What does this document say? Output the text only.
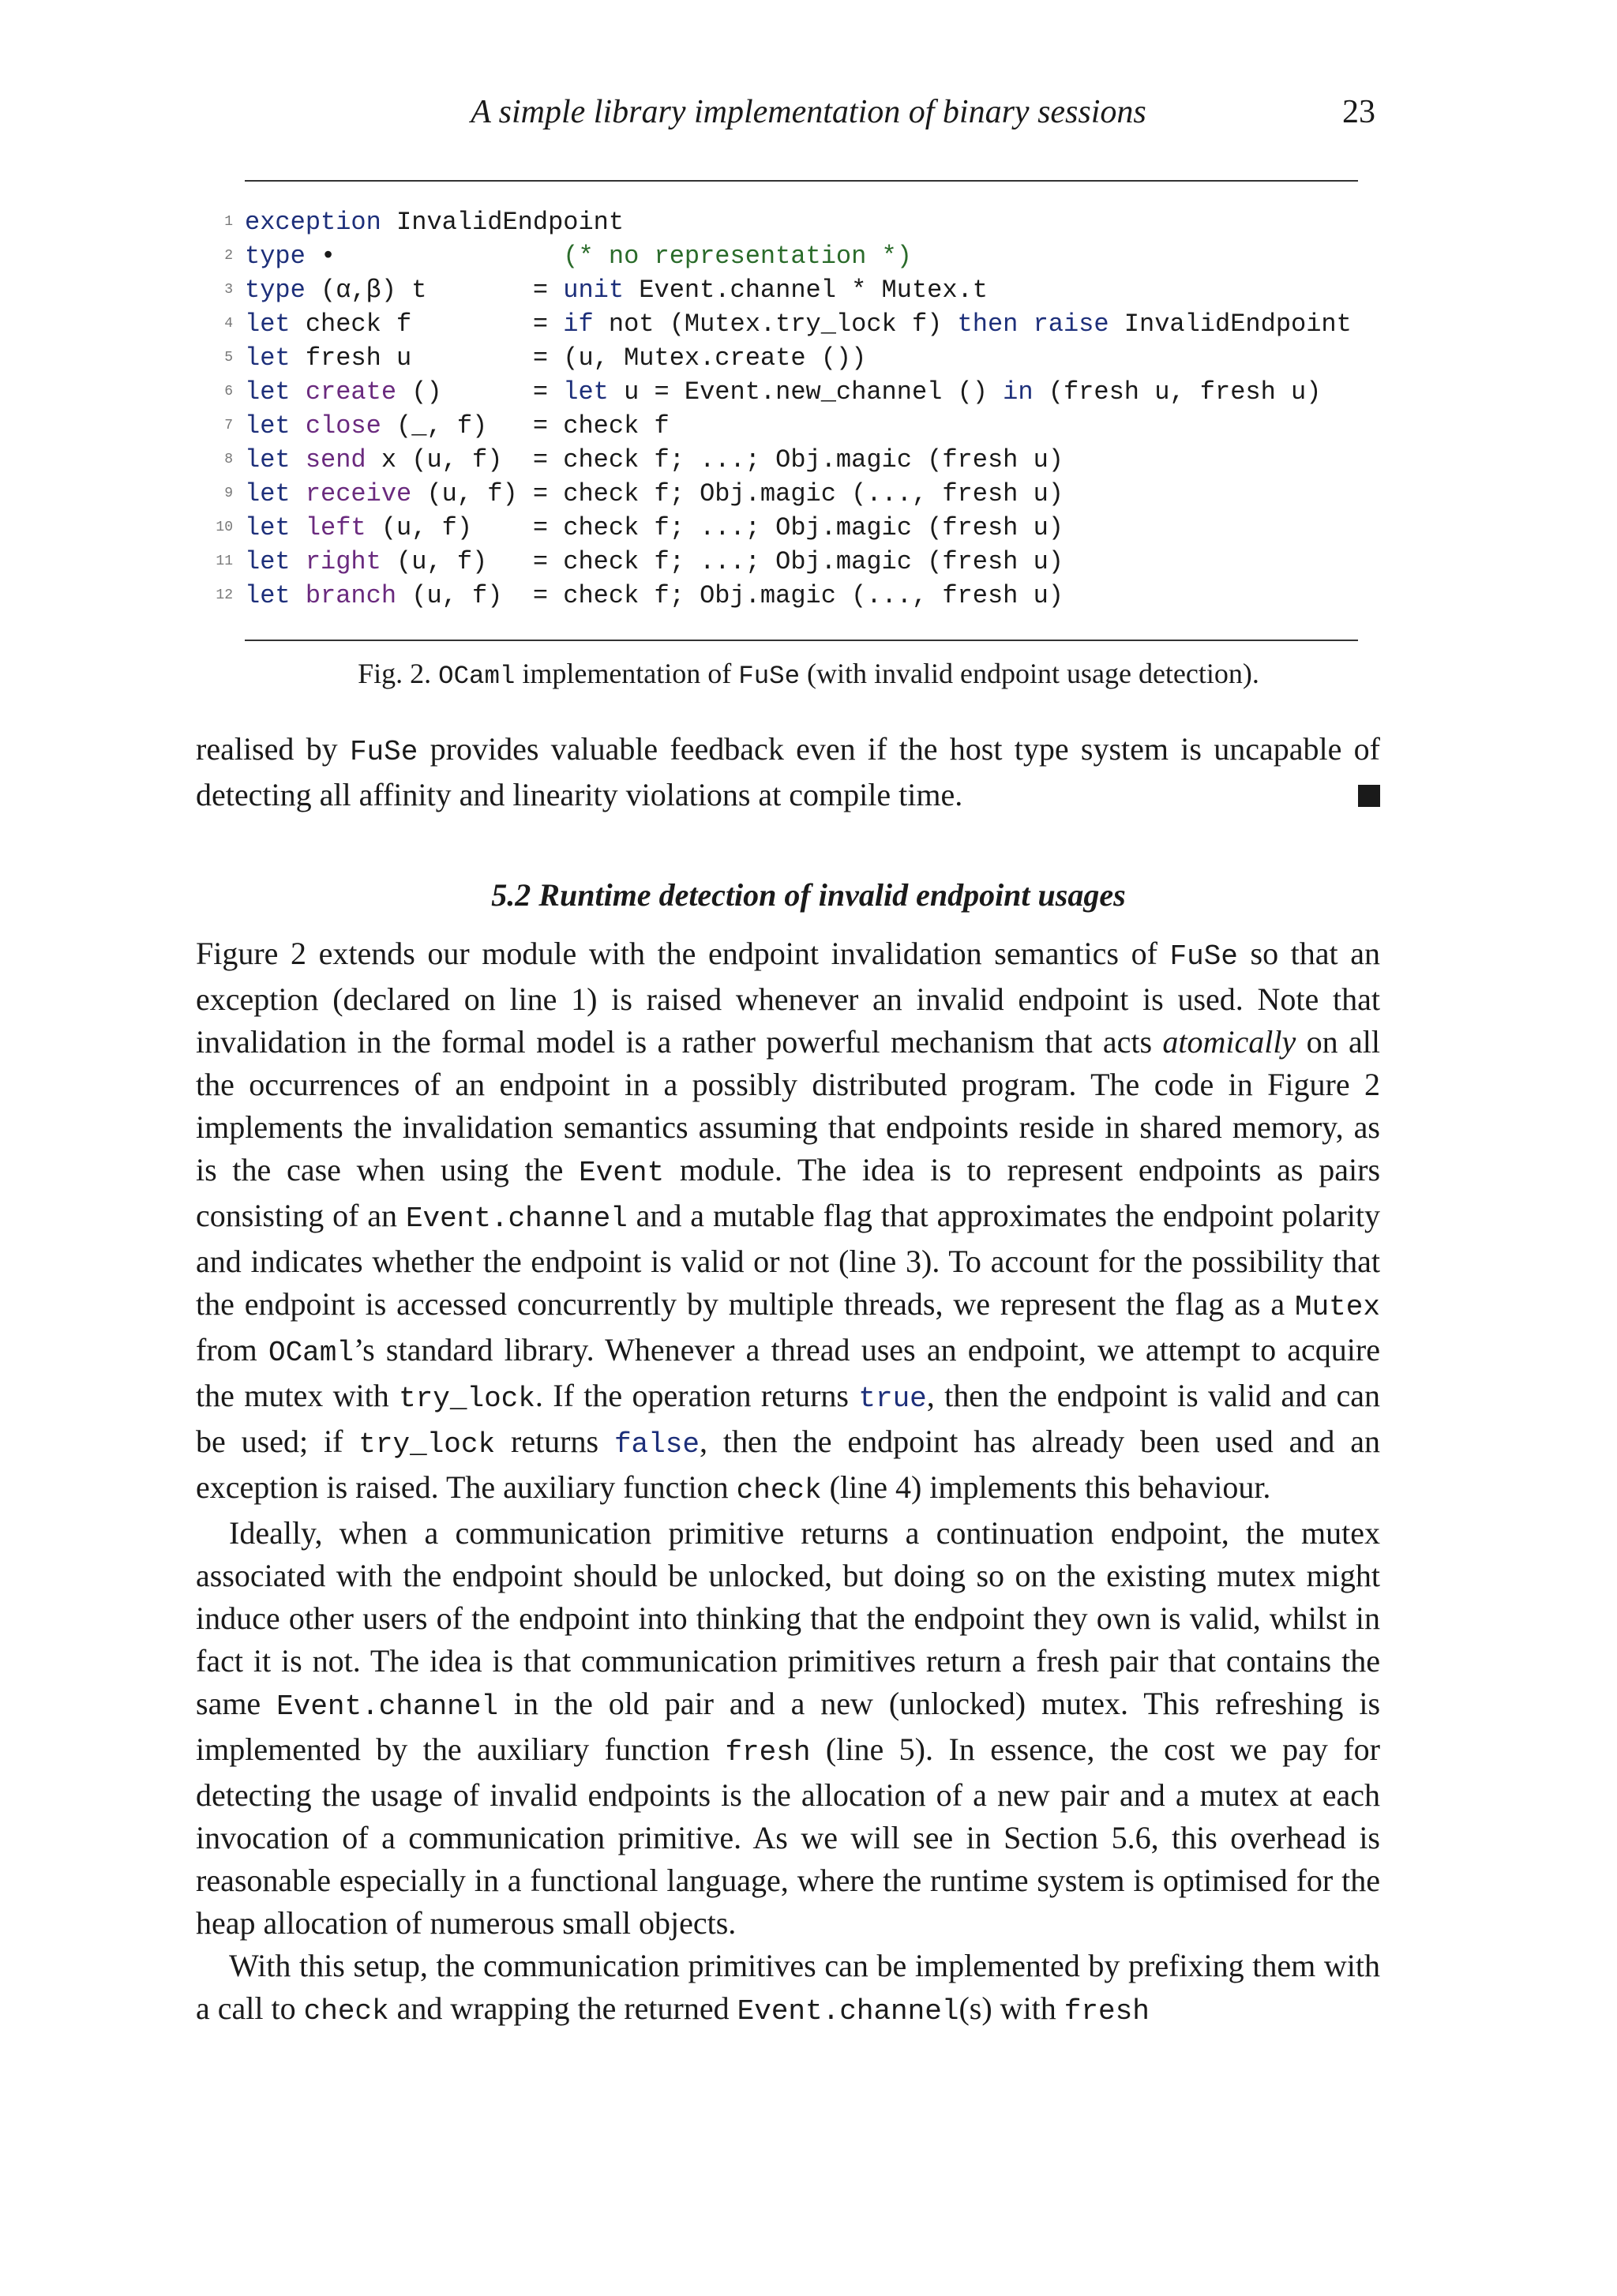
A simple library implementation of binary sessions	23
1 exception InvalidEndpoint
2 type •               (* no representation *)
3 type (α,β) t       = unit Event.channel * Mutex.t
4 let check f        = if not (Mutex.try_lock f) then raise InvalidEndpoint
5 let fresh u        = (u, Mutex.create ())
6 let create ()      = let u = Event.new_channel () in (fresh u, fresh u)
7 let close (_, f)   = check f
8 let send x (u, f)  = check f; ...; Obj.magic (fresh u)
9 let receive (u, f) = check f; Obj.magic (..., fresh u)
10 let left (u, f)    = check f; ...; Obj.magic (fresh u)
11 let right (u, f)   = check f; ...; Obj.magic (fresh u)
12 let branch (u, f)  = check f; Obj.magic (..., fresh u)
Fig. 2. OCaml implementation of FuSe (with invalid endpoint usage detection).

realised by FuSe provides valuable feedback even if the host type system is uncapable of detecting all affinity and linearity violations at compile time.

5.2 Runtime detection of invalid endpoint usages

Figure 2 extends our module with the endpoint invalidation semantics of FuSe so that an exception (declared on line 1) is raised whenever an invalid endpoint is used. Note that invalidation in the formal model is a rather powerful mechanism that acts atomically on all the occurrences of an endpoint in a possibly distributed program. The code in Figure 2 implements the invalidation semantics assuming that endpoints reside in shared memory, as is the case when using the Event module. The idea is to represent endpoints as pairs consisting of an Event.channel and a mutable flag that approximates the endpoint polarity and indicates whether the endpoint is valid or not (line 3). To account for the possibility that the endpoint is accessed concurrently by multiple threads, we represent the flag as a Mutex from OCaml’s standard library. Whenever a thread uses an endpoint, we attempt to acquire the mutex with try_lock. If the operation returns true, then the endpoint is valid and can be used; if try_lock returns false, then the endpoint has already been used and an exception is raised. The auxiliary function check (line 4) implements this behaviour.

Ideally, when a communication primitive returns a continuation endpoint, the mutex associated with the endpoint should be unlocked, but doing so on the existing mutex might induce other users of the endpoint into thinking that the endpoint they own is valid, whilst in fact it is not. The idea is that communication primitives return a fresh pair that contains the same Event.channel in the old pair and a new (unlocked) mutex. This refreshing is implemented by the auxiliary function fresh (line 5). In essence, the cost we pay for detecting the usage of invalid endpoints is the allocation of a new pair and a mutex at each invocation of a communication primitive. As we will see in Section 5.6, this overhead is reasonable especially in a functional language, where the runtime system is optimised for the heap allocation of numerous small objects.

With this setup, the communication primitives can be implemented by prefixing them with a call to check and wrapping the returned Event.channel(s) with fresh
